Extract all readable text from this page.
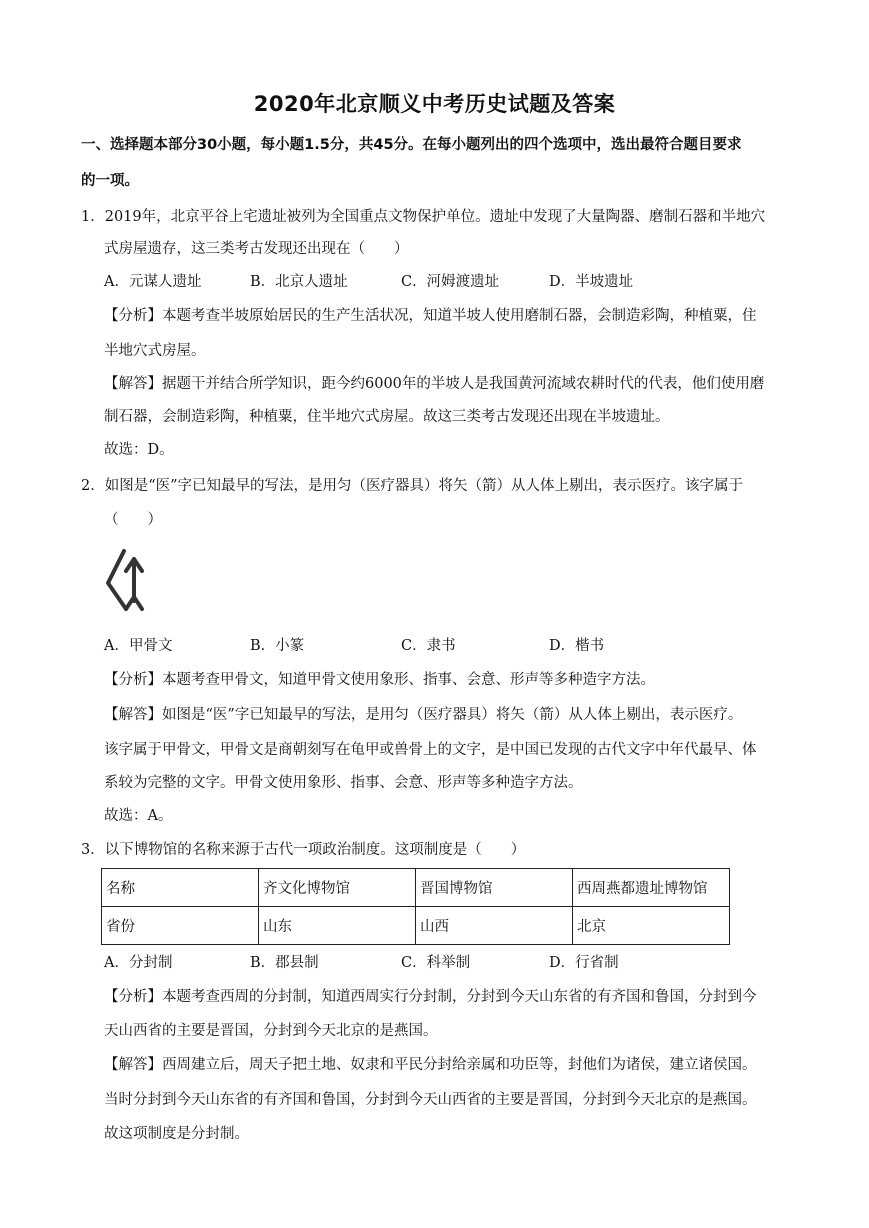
2020年北京顺义中考历史试题及答案
一、选择题本部分30小题，每小题1.5分，共45分。在每小题列出的四个选项中，选出最符合题目要求
的一项。
1．2019年，北京平谷上宅遗址被列为全国重点文物保护单位。遗址中发现了大量陶器、磨制石器和半地穴
式房屋遗存，这三类考古发现还出现在（　　）
A．元谋人遗址	B．北京人遗址	C．河姆渡遗址	D．半坡遗址
【分析】本题考查半坡原始居民的生产生活状况，知道半坡人使用磨制石器，会制造彩陶，种植粟，住
半地穴式房屋。
【解答】据题干并结合所学知识，距今约6000年的半坡人是我国黄河流域农耕时代的代表，他们使用磨
制石器，会制造彩陶，种植粟，住半地穴式房屋。故这三类考古发现还出现在半坡遗址。
故选：D。
2．如图是“医”字已知最早的写法，是用匀（医疗器具）将矢（箭）从人体上剔出，表示医疗。该字属于
（　　）
A．甲骨文	B．小篆	C．隶书	D．楷书
【分析】本题考查甲骨文，知道甲骨文使用象形、指事、会意、形声等多种造字方法。
【解答】如图是“医”字已知最早的写法，是用匀（医疗器具）将矢（箭）从人体上剔出，表示医疗。
该字属于甲骨文，甲骨文是商朝刻写在龟甲或兽骨上的文字，是中国已发现的古代文字中年代最早、体
系较为完整的文字。甲骨文使用象形、指事、会意、形声等多种造字方法。
故选：A。
3．以下博物馆的名称来源于古代一项政治制度。这项制度是（　　）
名称	齐文化博物馆	晋国博物馆	西周燕都遗址博物馆
省份	山东	山西	北京
A．分封制	B．郡县制	C．科举制	D．行省制
【分析】本题考查西周的分封制，知道西周实行分封制，分封到今天山东省的有齐国和鲁国，分封到今
天山西省的主要是晋国，分封到今天北京的是燕国。
【解答】西周建立后，周天子把土地、奴隶和平民分封给亲属和功臣等，封他们为诸侯，建立诸侯国。
当时分封到今天山东省的有齐国和鲁国，分封到今天山西省的主要是晋国，分封到今天北京的是燕国。
故这项制度是分封制。
